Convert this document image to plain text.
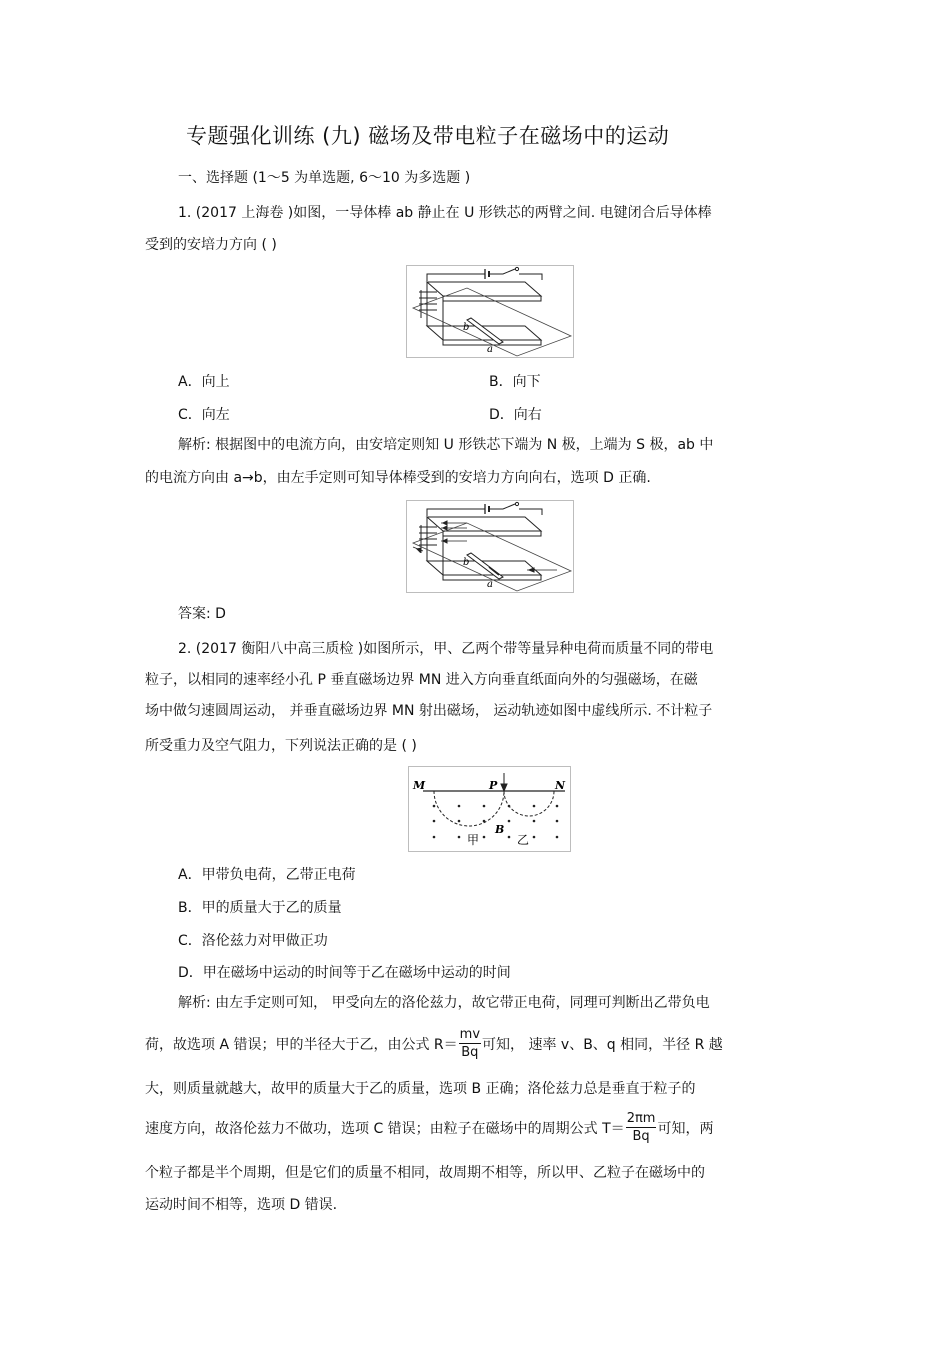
专题强化训练 (九) 磁场及带电粒子在磁场中的运动
一、选择题 (1～5 为单选题, 6～10 为多选题 )
1. (2017 上海卷 )如图，一导体棒 ab 静止在 U 形铁芯的两臂之间. 电键闭合后导体棒
受到的安培力方向 ( )
b
a
A．向上	B．向下
C．向左	D．向右
解析: 根据图中的电流方向，由安培定则知 U 形铁芯下端为 N 极，上端为 S 极，ab 中
的电流方向由 a→b，由左手定则可知导体棒受到的安培力方向向右，选项 D 正确.
b
a
答案: D
2. (2017 衡阳八中高三质检 )如图所示，甲、乙两个带等量异种电荷而质量不同的带电
粒子，以相同的速率经小孔 P 垂直磁场边界 MN 进入方向垂直纸面向外的匀强磁场，在磁
场中做匀速圆周运动， 并垂直磁场边界 MN 射出磁场， 运动轨迹如图中虚线所示. 不计粒子
所受重力及空气阻力，下列说法正确的是 ( )
M	P	N
B
甲	乙
A．甲带负电荷，乙带正电荷
B．甲的质量大于乙的质量
C．洛伦兹力对甲做正功
D．甲在磁场中运动的时间等于乙在磁场中运动的时间
解析: 由左手定则可知， 甲受向左的洛伦兹力，故它带正电荷，同理可判断出乙带负电
荷，故选项 A 错误；甲的半径大于乙，由公式 $R= \frac{mv}{Bq}$ 可知， 速率 v、B、q 相同，半径 R 越
大，则质量就越大，故甲的质量大于乙的质量，选项 B 正确；洛伦兹力总是垂直于粒子的
速度方向，故洛伦兹力不做功，选项 C 错误；由粒子在磁场中的周期公式 $T= \frac{2\pi m}{Bq}$ 可知，两
个粒子都是半个周期，但是它们的质量不相同，故周期不相等，所以甲、乙粒子在磁场中的
运动时间不相等，选项 D 错误.
